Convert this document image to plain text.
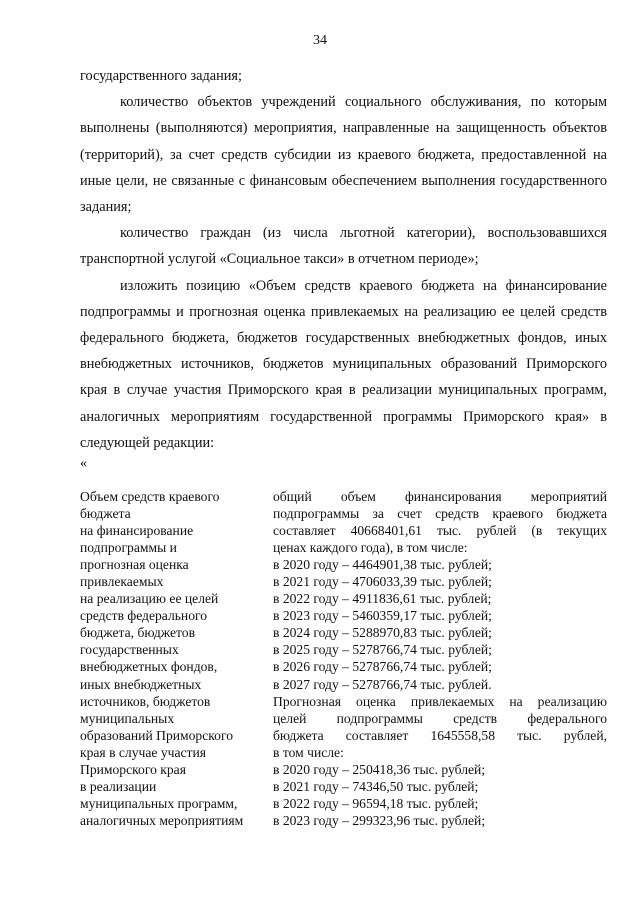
34

государственного задания;

количество объектов учреждений социального обслуживания, по которым выполнены (выполняются) мероприятия, направленные на защищенность объектов (территорий), за счет средств субсидии из краевого бюджета, предоставленной на иные цели, не связанные с финансовым обеспечением выполнения государственного задания;

количество граждан (из числа льготной категории), воспользовавшихся транспортной услугой «Социальное такси» в отчетном периоде»;

изложить позицию «Объем средств краевого бюджета на финансирование подпрограммы и прогнозная оценка привлекаемых на реализацию ее целей средств федерального бюджета, бюджетов государственных внебюджетных фондов, иных внебюджетных источников, бюджетов муниципальных образований Приморского края в случае участия Приморского края в реализации муниципальных программ, аналогичных мероприятиям государственной программы Приморского края» в следующей редакции:

«
Объем средств краевого
бюджета
на финансирование
подпрограммы и
прогнозная оценка
привлекаемых
на реализацию ее целей
средств федерального
бюджета, бюджетов
государственных
внебюджетных фондов,
иных внебюджетных
источников, бюджетов
муниципальных
образований Приморского
края в случае участия
Приморского края
в реализации
муниципальных программ,
аналогичных мероприятиям
общий объем финансирования мероприятий
подпрограммы за счет средств краевого бюджета
составляет 40668401,61 тыс. рублей (в текущих
ценах каждого года), в том числе:
в 2020 году – 4464901,38 тыс. рублей;
в 2021 году – 4706033,39 тыс. рублей;
в 2022 году – 4911836,61 тыс. рублей;
в 2023 году – 5460359,17 тыс. рублей;
в 2024 году – 5288970,83 тыс. рублей;
в 2025 году – 5278766,74 тыс. рублей;
в 2026 году – 5278766,74 тыс. рублей;
в 2027 году – 5278766,74 тыс. рублей.
Прогнозная оценка привлекаемых на реализацию
целей подпрограммы средств федерального
бюджета составляет 1645558,58 тыс. рублей,
в том числе:
в 2020 году – 250418,36 тыс. рублей;
в 2021 году – 74346,50 тыс. рублей;
в 2022 году – 96594,18 тыс. рублей;
в 2023 году – 299323,96 тыс. рублей;
